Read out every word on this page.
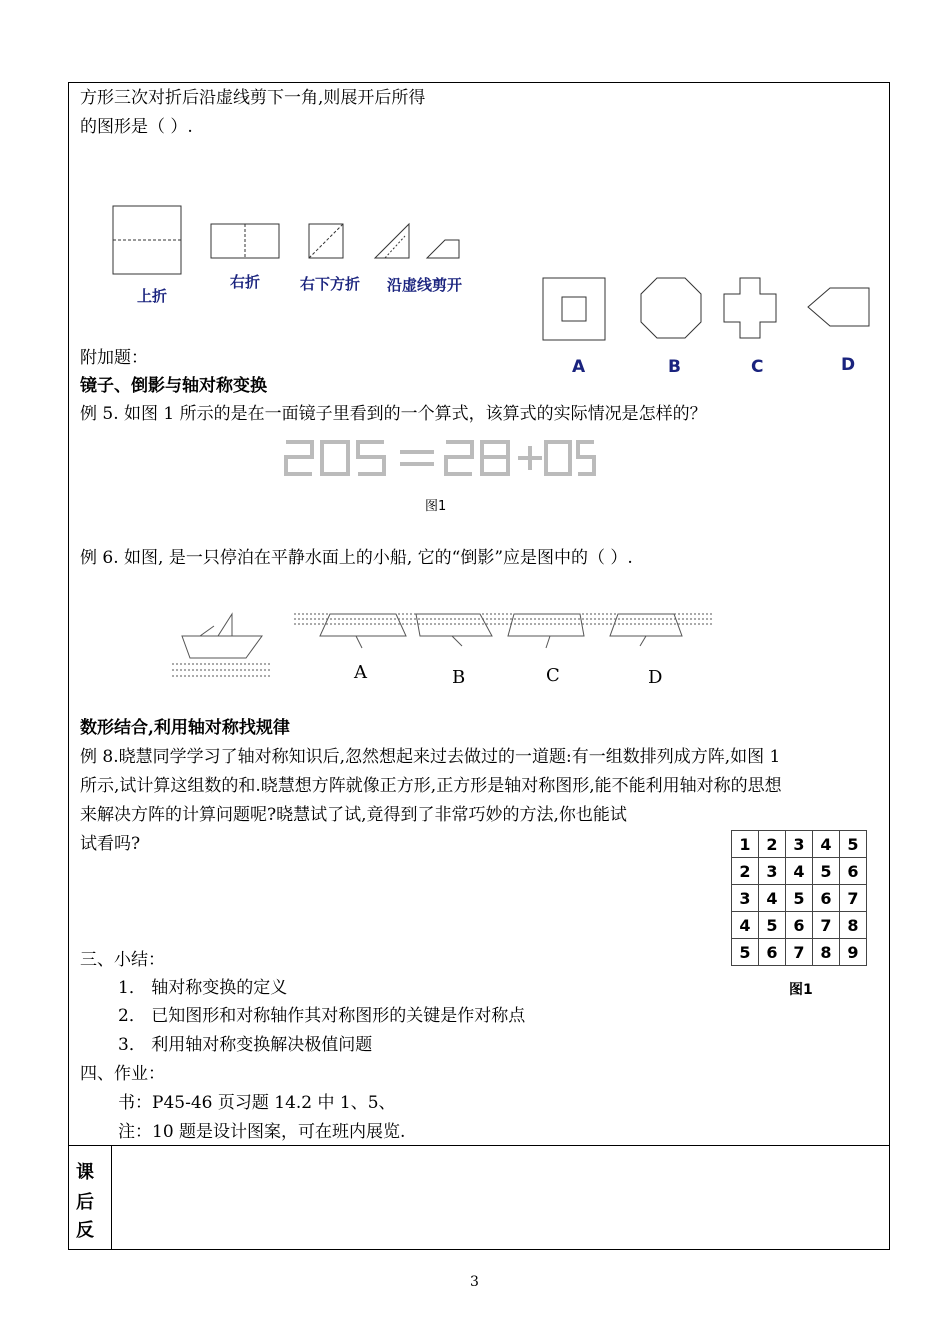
方形三次对折后沿虚线剪下一角,则展开后所得
的图形是（ ）.
上折
右折	右下方折 沿虚线剪开
A	B	C	D
附加题：
镜子、倒影与轴对称变换
例 5. 如图 1 所示的是在一面镜子里看到的一个算式，该算式的实际情况是怎样的？
图1
例 6. 如图, 是一只停泊在平静水面上的小船, 它的“倒影”应是图中的（ ）.
A	B	C	D
数形结合,利用轴对称找规律
例 8.晓慧同学学习了轴对称知识后,忽然想起来过去做过的一道题:有一组数排列成方阵,如图 1
所示,试计算这组数的和.晓慧想方阵就像正方形,正方形是轴对称图形,能不能利用轴对称的思想
来解决方阵的计算问题呢?晓慧试了试,竟得到了非常巧妙的方法,你也能试
试看吗?	1	2	3	4	5
2	3	4	5	6
3	4	5	6	7
4	5	6	7	8
5	6	7	8	9
图1
三、小结：
1． 轴对称变换的定义
2． 已知图形和对称轴作其对称图形的关键是作对称点
3． 利用轴对称变换解决极值问题
四、作业：
书：P45-46 页习题 14.2 中 1、5、
注：10 题是设计图案，可在班内展览.
课
后
反
3
